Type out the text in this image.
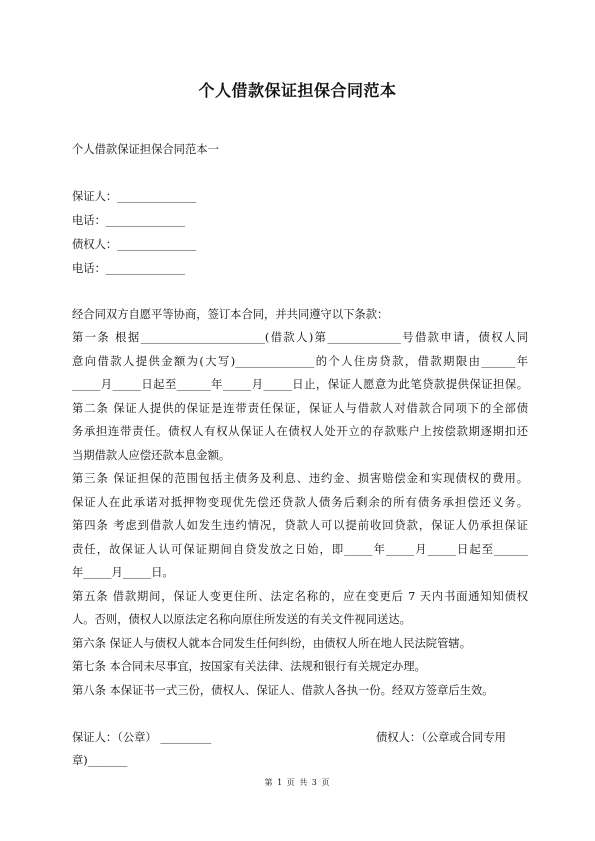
个人借款保证担保合同范本

个人借款保证担保合同范本一

保证人：______________

电话：______________

债权人：______________

电话：______________

经合同双方自愿平等协商，签订本合同，并共同遵守以下条款：

第一条 根据______________________(借款人)第_____________号借款申请，债权人同

意向借款人提供金额为(大写)______________的个人住房贷款，借款期限由______年

_____月_____日起至______年_____月_____日止，保证人愿意为此笔贷款提供保证担保。

第二条 保证人提供的保证是连带责任保证，保证人与借款人对借款合同项下的全部债

务承担连带责任。债权人有权从保证人在债权人处开立的存款账户上按偿款期逐期扣还

当期借款人应偿还款本息金额。

第三条 保证担保的范围包括主债务及利息、违约金、损害赔偿金和实现债权的费用。

保证人在此承诺对抵押物变现优先偿还贷款人债务后剩余的所有债务承担偿还义务。

第四条 考虑到借款人如发生违约情况，贷款人可以提前收回贷款，保证人仍承担保证

责任，故保证人认可保证期间自贷发放之日始，即_____年_____月_____日起至______

年_____月_____日。

第五条 借款期间，保证人变更住所、法定名称的，应在变更后 7 天内书面通知知债权

人。否则，债权人以原法定名称向原住所发送的有关文件视同送达。

第六条 保证人与债权人就本合同发生任何纠纷，由债权人所在地人民法院管辖。

第七条 本合同未尽事宜，按国家有关法律、法规和银行有关规定办理。

第八条 本保证书一式三份，债权人、保证人、借款人各执一份。经双方签章后生效。

保证人：（公章） _________	债权人：（公章或合同专用

章)_______

第 1 页 共 3 页
